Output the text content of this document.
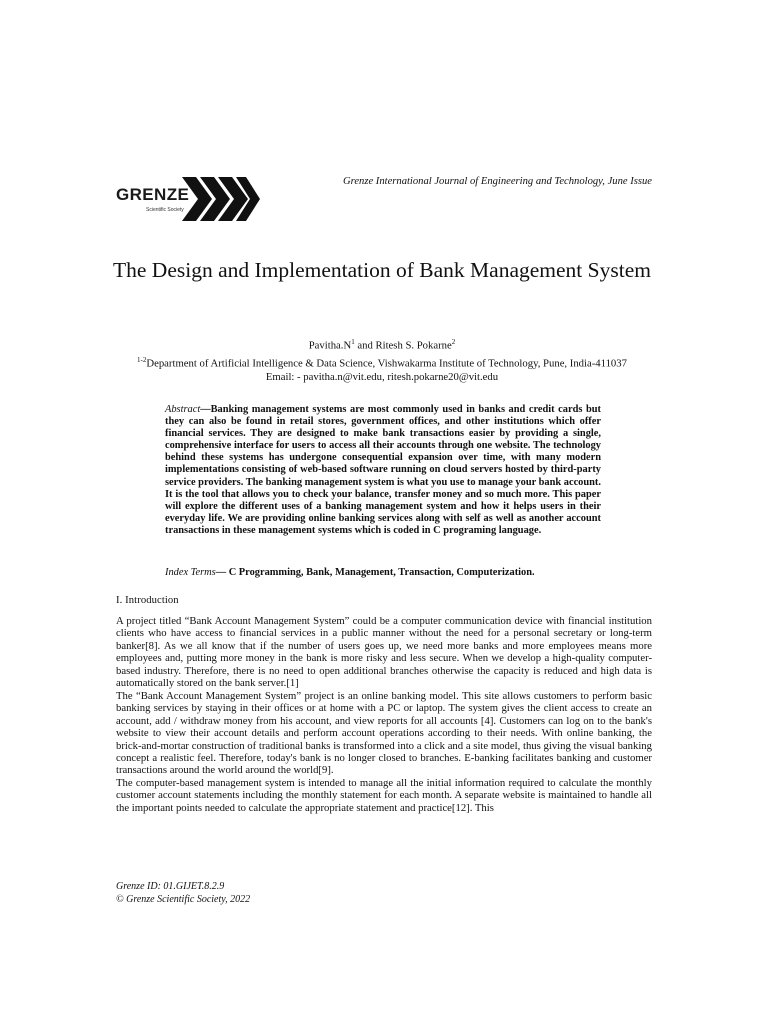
GRENZE
Scientific Society
Grenze International Journal of Engineering and Technology, June Issue
The Design and Implementation of Bank Management System
$Pavitha.N^1$ and Ritesh S. Pokarne$^2$
$^{1-2}$Department of Artificial Intelligence & Data Science, Vishwakarma Institute of Technology, Pune, India-411037
Email: - pavitha.n@vit.edu, ritesh.pokarne20@vit.edu
Abstract—Banking management systems are most commonly used in banks and credit cards but they can also be found in retail stores, government offices, and other institutions which offer financial services. They are designed to make bank transactions easier by providing a single, comprehensive interface for users to access all their accounts through one website. The technology behind these systems has undergone consequential expansion over time, with many modern implementations consisting of web-based software running on cloud servers hosted by third-party service providers. The banking management system is what you use to manage your bank account. It is the tool that allows you to check your balance, transfer money and so much more. This paper will explore the different uses of a banking management system and how it helps users in their everyday life. We are providing online banking services along with self as well as another account transactions in these management systems which is coded in C programing language.
Index Terms— C Programming, Bank, Management, Transaction, Computerization.
I. Introduction

A project titled “Bank Account Management System” could be a computer communication device with financial institution clients who have access to financial services in a public manner without the need for a personal secretary or long-term banker[8]. As we all know that if the number of users goes up, we need more banks and more employees means more employees and, putting more money in the bank is more risky and less secure. When we develop a high-quality computer-based industry. Therefore, there is no need to open additional branches otherwise the capacity is reduced and high data is automatically stored on the bank server.[1]

The “Bank Account Management System” project is an online banking model. This site allows customers to perform basic banking services by staying in their offices or at home with a PC or laptop. The system gives the client access to create an account, add / withdraw money from his account, and view reports for all accounts [4]. Customers can log on to the bank's website to view their account details and perform account operations according to their needs. With online banking, the brick-and-mortar construction of traditional banks is transformed into a click and a site model, thus giving the visual banking concept a realistic feel. Therefore, today's bank is no longer closed to branches. E-banking facilitates banking and customer transactions around the world around the world[9].

The computer-based management system is intended to manage all the initial information required to calculate the monthly customer account statements including the monthly statement for each month. A separate website is maintained to handle all the important points needed to calculate the appropriate statement and practice[12]. This

Grenze ID: 01.GIJET.8.2.9
© Grenze Scientific Society, 2022
